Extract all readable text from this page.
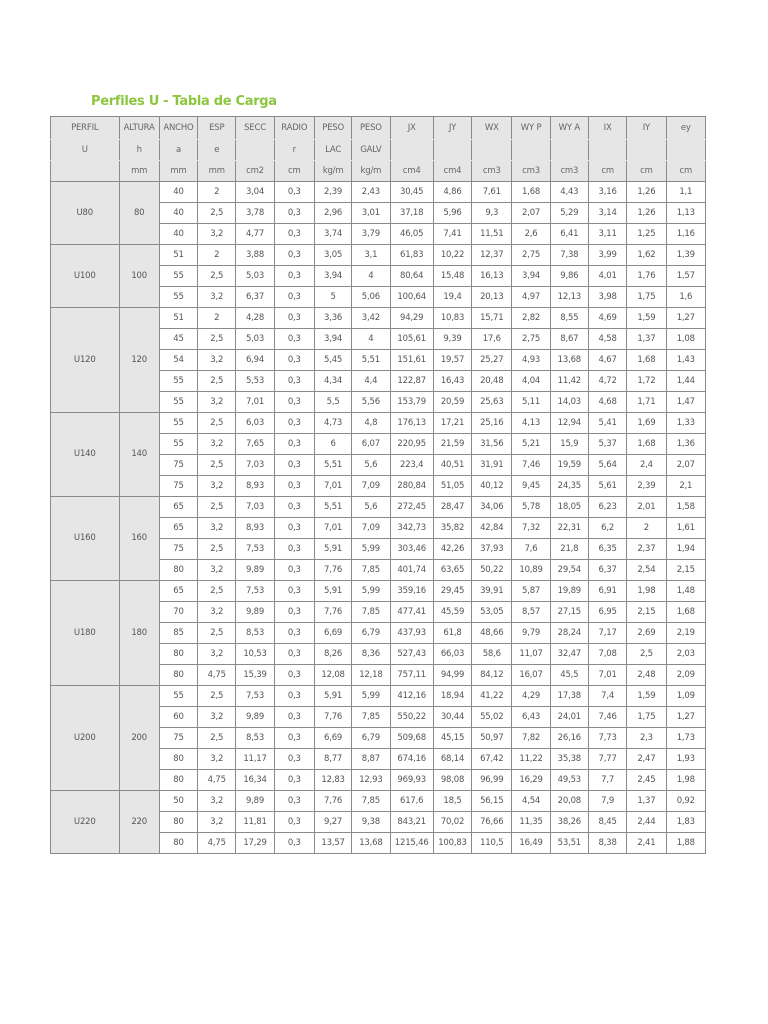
Perfiles U - Tabla de Carga
PERFIL	ALTURA	ANCHO	ESP	SECC	RADIO	PESO	PESO	JX	JY	WX	WY P	WY A	IX	IY	ey
U	h	a	e		r	LAC	GALV								
	mm	mm	mm	cm2	cm	kg/m	kg/m	cm4	cm4	cm3	cm3	cm3	cm	cm	cm
U80	80	40	2	3,04	0,3	2,39	2,43	30,45	4,86	7,61	1,68	4,43	3,16	1,26	1,1
		40	2,5	3,78	0,3	2,96	3,01	37,18	5,96	9,3	2,07	5,29	3,14	1,26	1,13
		40	3,2	4,77	0,3	3,74	3,79	46,05	7,41	11,51	2,6	6,41	3,11	1,25	1,16
U100	100	51	2	3,88	0,3	3,05	3,1	61,83	10,22	12,37	2,75	7,38	3,99	1,62	1,39
		55	2,5	5,03	0,3	3,94	4	80,64	15,48	16,13	3,94	9,86	4,01	1,76	1,57
		55	3,2	6,37	0,3	5	5,06	100,64	19,4	20,13	4,97	12,13	3,98	1,75	1,6
U120	120	51	2	4,28	0,3	3,36	3,42	94,29	10,83	15,71	2,82	8,55	4,69	1,59	1,27
		45	2,5	5,03	0,3	3,94	4	105,61	9,39	17,6	2,75	8,67	4,58	1,37	1,08
		54	3,2	6,94	0,3	5,45	5,51	151,61	19,57	25,27	4,93	13,68	4,67	1,68	1,43
		55	2,5	5,53	0,3	4,34	4,4	122,87	16,43	20,48	4,04	11,42	4,72	1,72	1,44
		55	3,2	7,01	0,3	5,5	5,56	153,79	20,59	25,63	5,11	14,03	4,68	1,71	1,47
U140	140	55	2,5	6,03	0,3	4,73	4,8	176,13	17,21	25,16	4,13	12,94	5,41	1,69	1,33
		55	3,2	7,65	0,3	6	6,07	220,95	21,59	31,56	5,21	15,9	5,37	1,68	1,36
		75	2,5	7,03	0,3	5,51	5,6	223,4	40,51	31,91	7,46	19,59	5,64	2,4	2,07
		75	3,2	8,93	0,3	7,01	7,09	280,84	51,05	40,12	9,45	24,35	5,61	2,39	2,1
U160	160	65	2,5	7,03	0,3	5,51	5,6	272,45	28,47	34,06	5,78	18,05	6,23	2,01	1,58
		65	3,2	8,93	0,3	7,01	7,09	342,73	35,82	42,84	7,32	22,31	6,2	2	1,61
		75	2,5	7,53	0,3	5,91	5,99	303,46	42,26	37,93	7,6	21,8	6,35	2,37	1,94
		80	3,2	9,89	0,3	7,76	7,85	401,74	63,65	50,22	10,89	29,54	6,37	2,54	2,15
U180	180	65	2,5	7,53	0,3	5,91	5,99	359,16	29,45	39,91	5,87	19,89	6,91	1,98	1,48
		70	3,2	9,89	0,3	7,76	7,85	477,41	45,59	53,05	8,57	27,15	6,95	2,15	1,68
		85	2,5	8,53	0,3	6,69	6,79	437,93	61,8	48,66	9,79	28,24	7,17	2,69	2,19
		80	3,2	10,53	0,3	8,26	8,36	527,43	66,03	58,6	11,07	32,47	7,08	2,5	2,03
		80	4,75	15,39	0,3	12,08	12,18	757,11	94,99	84,12	16,07	45,5	7,01	2,48	2,09
U200	200	55	2,5	7,53	0,3	5,91	5,99	412,16	18,94	41,22	4,29	17,38	7,4	1,59	1,09
		60	3,2	9,89	0,3	7,76	7,85	550,22	30,44	55,02	6,43	24,01	7,46	1,75	1,27
		75	2,5	8,53	0,3	6,69	6,79	509,68	45,15	50,97	7,82	26,16	7,73	2,3	1,73
		80	3,2	11,17	0,3	8,77	8,87	674,16	68,14	67,42	11,22	35,38	7,77	2,47	1,93
		80	4,75	16,34	0,3	12,83	12,93	969,93	98,08	96,99	16,29	49,53	7,7	2,45	1,98
U220	220	50	3,2	9,89	0,3	7,76	7,85	617,6	18,5	56,15	4,54	20,08	7,9	1,37	0,92
		80	3,2	11,81	0,3	9,27	9,38	843,21	70,02	76,66	11,35	38,26	8,45	2,44	1,83
		80	4,75	17,29	0,3	13,57	13,68	1215,46	100,83	110,5	16,49	53,51	8,38	2,41	1,88
